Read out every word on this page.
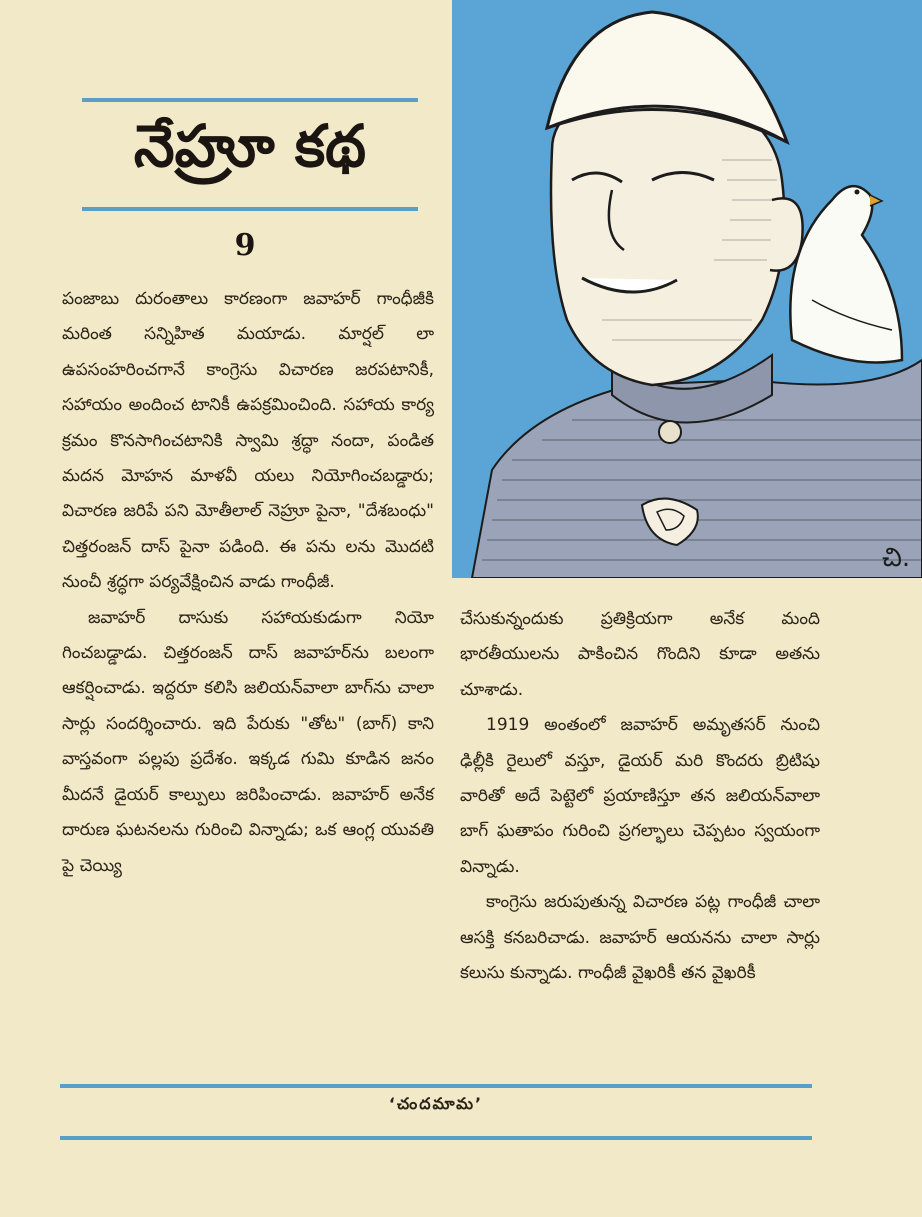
నేహ్రూ కథ
9
చి.

పంజాబు దురంతాలు కారణంగా జవాహర్ గాంధీజీకి మరింత సన్నిహిత మయాడు. మార్షల్ లా ఉపసంహరించగానే కాంగ్రెసు విచారణ జరపటానికీ, సహాయం అందించ టానికీ ఉపక్రమించింది. సహాయ కార్య క్రమం కొనసాగించటానికి స్వామి శ్రద్ధా నందా, పండిత మదన మోహన మాళవీ యలు నియోగించబడ్డారు; విచారణ జరిపే పని మోతీలాల్ నెహ్రూ పైనా, "దేశబంధు" చిత్తరంజన్ దాస్ పైనా పడింది. ఈ పను లను మొదటి నుంచీ శ్రద్ధగా పర్యవేక్షించిన వాడు గాంధీజీ.

జవాహర్ దాసుకు సహాయకుడుగా నియో గించబడ్డాడు. చిత్తరంజన్ దాస్ జవాహర్‌ను బలంగా ఆకర్షించాడు. ఇద్దరూ కలిసి జలియన్‌వాలా బాగ్‌ను చాలా సార్లు సందర్శించారు. ఇది పేరుకు "తోట" (బాగ్) కాని వాస్తవంగా పల్లపు ప్రదేశం. ఇక్కడ గుమి కూడిన జనం మీదనే డైయర్ కాల్పులు జరిపించాడు. జవాహర్ అనేక దారుణ ఘటనలను గురించి విన్నాడు; ఒక ఆంగ్ల యువతి పై చెయ్యి

చేసుకున్నందుకు ప్రతిక్రియగా అనేక మంది భారతీయులను పాకించిన గొందిని కూడా అతను చూశాడు.

1919 అంతంలో జవాహర్ అమృతసర్ నుంచి ఢిల్లీకి రైలులో వస్తూ, డైయర్ మరి కొందరు బ్రిటిషు వారితో అదే పెట్టెలో ప్రయాణిస్తూ తన జలియన్‌వాలా బాగ్ ఘతాపం గురించి ప్రగల్భాలు చెప్పటం స్వయంగా విన్నాడు.

కాంగ్రెసు జరుపుతున్న విచారణ పట్ల గాంధీజీ చాలా ఆసక్తి కనబరిచాడు. జవాహర్ ఆయనను చాలా సార్లు కలుసు కున్నాడు. గాంధీజీ వైఖరికీ తన వైఖరికీ

‘చందమామ’
